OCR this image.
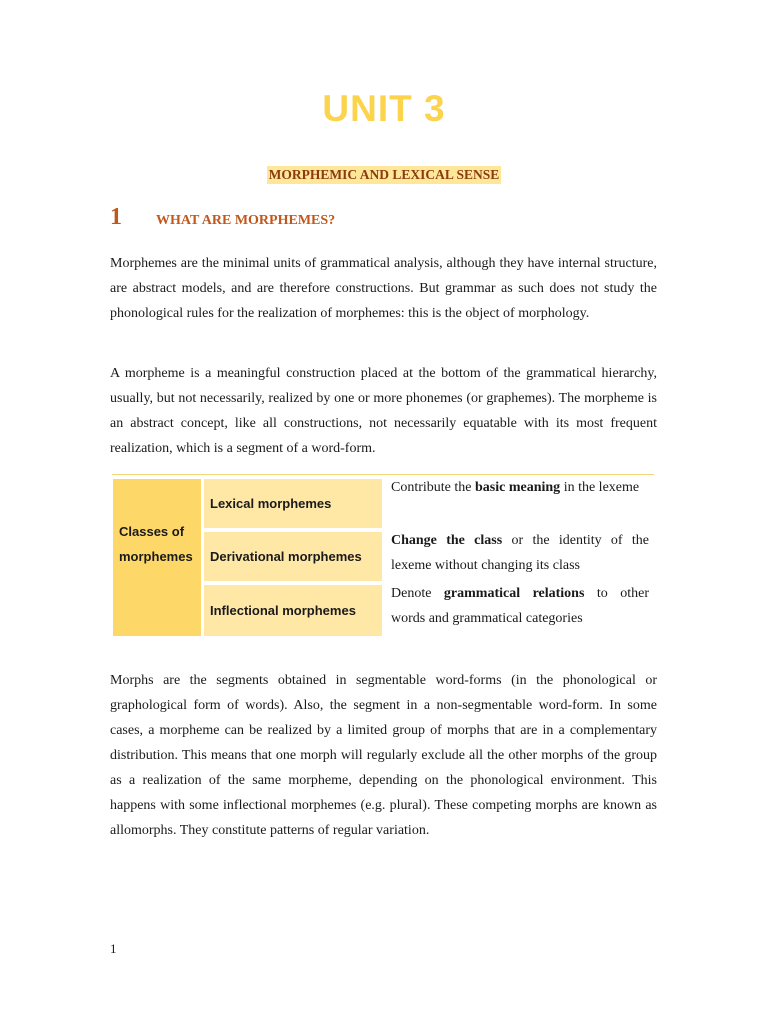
UNIT 3
MORPHEMIC AND LEXICAL SENSE
1	WHAT ARE MORPHEMES?

Morphemes are the minimal units of grammatical analysis, although they have internal structure, are abstract models, and are therefore constructions. But grammar as such does not study the phonological rules for the realization of morphemes: this is the object of morphology.

A morpheme is a meaningful construction placed at the bottom of the grammatical hierarchy, usually, but not necessarily, realized by one or more phonemes (or graphemes). The morpheme is an abstract concept, like all constructions, not necessarily equatable with its most frequent realization, which is a segment of a word-form.

Classes of morphemes
Lexical morphemes
Derivational morphemes
Inflectional morphemes
Contribute the basic meaning in the lexeme
Change the class or the identity of the lexeme without changing its class
Denote grammatical relations to other words and grammatical categories

Morphs are the segments obtained in segmentable word-forms (in the phonological or graphological form of words). Also, the segment in a non-segmentable word-form. In some cases, a morpheme can be realized by a limited group of morphs that are in a complementary distribution. This means that one morph will regularly exclude all the other morphs of the group as a realization of the same morpheme, depending on the phonological environment. This happens with some inflectional morphemes (e.g. plural). These competing morphs are known as allomorphs. They constitute patterns of regular variation.

1
